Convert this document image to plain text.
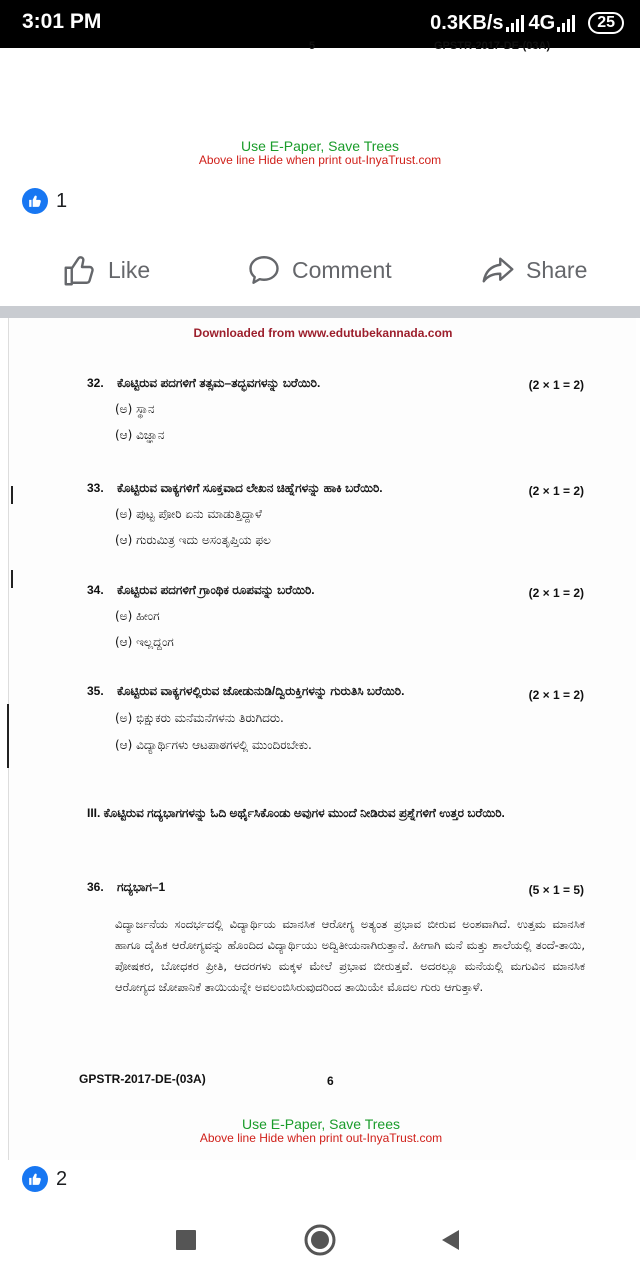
3:01 PM	0.3KB/s 4G	25
5	GPSTR-2017-DE-(03A)
Use E-Paper, Save Trees
Above line Hide when print out-InyaTrust.com
1
Like	Comment	Share
Downloaded from www.edutubekannada.com
32. ಕೊಟ್ಟಿರುವ ಪದಗಳಿಗೆ ತತ್ಸಮ–ತದ್ಭವಗಳನ್ನು ಬರೆಯಿರಿ.	(2 × 1 = 2)
(ಅ) ಸ್ಥಾನ
(ಆ) ವಿಜ್ಞಾನ
33. ಕೊಟ್ಟಿರುವ ವಾಕ್ಯಗಳಿಗೆ ಸೂಕ್ತವಾದ ಲೇಖನ ಚಿಹ್ನೆಗಳನ್ನು ಹಾಕಿ ಬರೆಯಿರಿ.	(2 × 1 = 2)
(ಅ) ಪುಟ್ಟ ಪೋರಿ ಏನು ಮಾಡುತ್ತಿದ್ದಾಳೆ
(ಆ) ಗುರುಮಿತ್ರ ಇದು ಅಸಂತೃಪ್ತಿಯ ಫಲ
34. ಕೊಟ್ಟಿರುವ ಪದಗಳಿಗೆ ಗ್ರಾಂಥಿಕ ರೂಪವನ್ನು ಬರೆಯಿರಿ.	(2 × 1 = 2)
(ಅ) ಹೀಂಗ
(ಆ) ಇಲ್ಲದ್ದಂಗ
35. ಕೊಟ್ಟಿರುವ ವಾಕ್ಯಗಳಲ್ಲಿರುವ ಜೋಡುನುಡಿ/ದ್ವಿರುಕ್ತಿಗಳನ್ನು ಗುರುತಿಸಿ ಬರೆಯಿರಿ.	(2 × 1 = 2)
(ಅ) ಭಿಕ್ಷುಕರು ಮನೆಮನೆಗಳನು ತಿರುಗಿದರು.
(ಆ) ವಿದ್ಯಾರ್ಥಿಗಳು ಆಟಪಾಠಗಳಲ್ಲಿ ಮುಂದಿರಬೇಕು.
III. ಕೊಟ್ಟಿರುವ ಗದ್ಯಭಾಗಗಳನ್ನು ಓದಿ ಅರ್ಥೈಸಿಕೊಂಡು ಅವುಗಳ ಮುಂದೆ ನೀಡಿರುವ ಪ್ರಶ್ನೆಗಳಿಗೆ ಉತ್ತರ ಬರೆಯಿರಿ.
36. ಗದ್ಯಭಾಗ–1	(5 × 1 = 5)
ವಿದ್ಯಾರ್ಜನೆಯ ಸಂದರ್ಭದಲ್ಲಿ ವಿದ್ಯಾರ್ಥಿಯ ಮಾನಸಿಕ ಆರೋಗ್ಯ ಅತ್ಯಂತ ಪ್ರಭಾವ ಬೀರುವ ಅಂಶವಾಗಿದೆ. ಉತ್ತಮ ಮಾನಸಿಕ ಹಾಗೂ ದೈಹಿಕ ಆರೋಗ್ಯವನ್ನು ಹೊಂದಿದ ವಿದ್ಯಾರ್ಥಿಯು ಅದ್ವಿತೀಯನಾಗಿರುತ್ತಾನೆ. ಹೀಗಾಗಿ ಮನೆ ಮತ್ತು ಶಾಲೆಯಲ್ಲಿ ತಂದೆ-ತಾಯಿ, ಪೋಷಕರ, ಬೋಧಕರ ಪ್ರೀತಿ, ಆದರಗಳು ಮಕ್ಕಳ ಮೇಲೆ ಪ್ರಭಾವ ಬೀರುತ್ತವೆ. ಅದರಲ್ಲೂ ಮನೆಯಲ್ಲಿ ಮಗುವಿನ ಮಾನಸಿಕ ಆರೋಗ್ಯದ ಜೋಪಾನಿಕೆ ತಾಯಿಯನ್ನೇ ಅವಲಂಬಿಸಿರುವುದರಿಂದ ತಾಯಿಯೇ ಮೊದಲ ಗುರು ಆಗುತ್ತಾಳೆ.
GPSTR-2017-DE-(03A)	6
Use E-Paper, Save Trees
Above line Hide when print out-InyaTrust.com
2
